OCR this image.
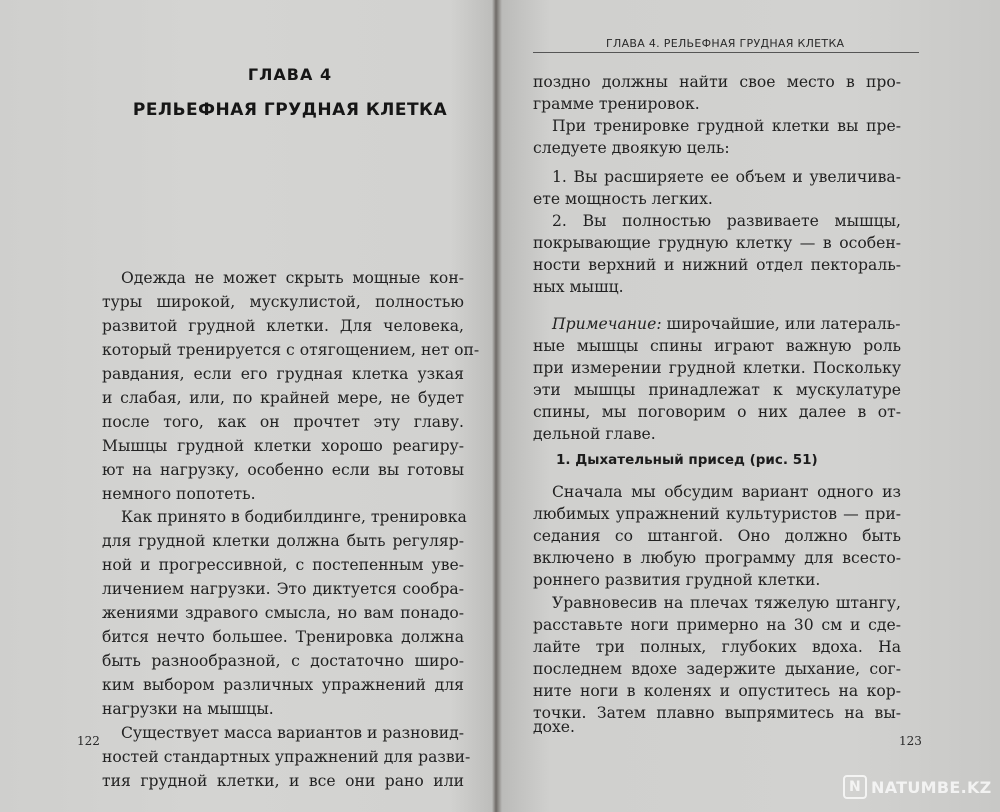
ГЛАВА 4
РЕЛЬЕФНАЯ ГРУДНАЯ КЛЕТКА
Одежда не может скрыть мощные кон-
туры широкой, мускулистой, полностью
развитой грудной клетки. Для человека,
который тренируется с отягощением, нет оп-
равдания, если его грудная клетка узкая
и слабая, или, по крайней мере, не будет
после того, как он прочтет эту главу.
Мышцы грудной клетки хорошо реагиру-
ют на нагрузку, особенно если вы готовы
немного попотеть.
Как принято в бодибилдинге, тренировка
для грудной клетки должна быть регуляр-
ной и прогрессивной, с постепенным уве-
личением нагрузки. Это диктуется сообра-
жениями здравого смысла, но вам понадо-
бится нечто большее. Тренировка должна
быть разнообразной, с достаточно широ-
ким выбором различных упражнений для
нагрузки на мышцы.
Существует масса вариантов и разновид-
ностей стандартных упражнений для разви-
тия грудной клетки, и все они рано или
122
ГЛАВА 4. РЕЛЬЕФНАЯ ГРУДНАЯ КЛЕТКА
поздно должны найти свое место в про-
грамме тренировок.
При тренировке грудной клетки вы пре-
следуете двоякую цель:
1. Вы расширяете ее объем и увеличива-
ете мощность легких.
2. Вы полностью развиваете мышцы,
покрывающие грудную клетку — в особен-
ности верхний и нижний отдел пектораль-
ных мышц.
Примечание: широчайшие, или латераль-
ные мышцы спины играют важную роль
при измерении грудной клетки. Поскольку
эти мышцы принадлежат к мускулатуре
спины, мы поговорим о них далее в от-
дельной главе.
1. Дыхательный присед (рис. 51)
Сначала мы обсудим вариант одного из
любимых упражнений культуристов — при-
седания со штангой. Оно должно быть
включено в любую программу для всесто-
роннего развития грудной клетки.
Уравновесив на плечах тяжелую штангу,
расставьте ноги примерно на 30 см и сде-
лайте три полных, глубоких вдоха. На
последнем вдохе задержите дыхание, сог-
ните ноги в коленях и опуститесь на кор-
точки. Затем плавно выпрямитесь на вы-
дохе.
123
N NATUMBE.KZ
